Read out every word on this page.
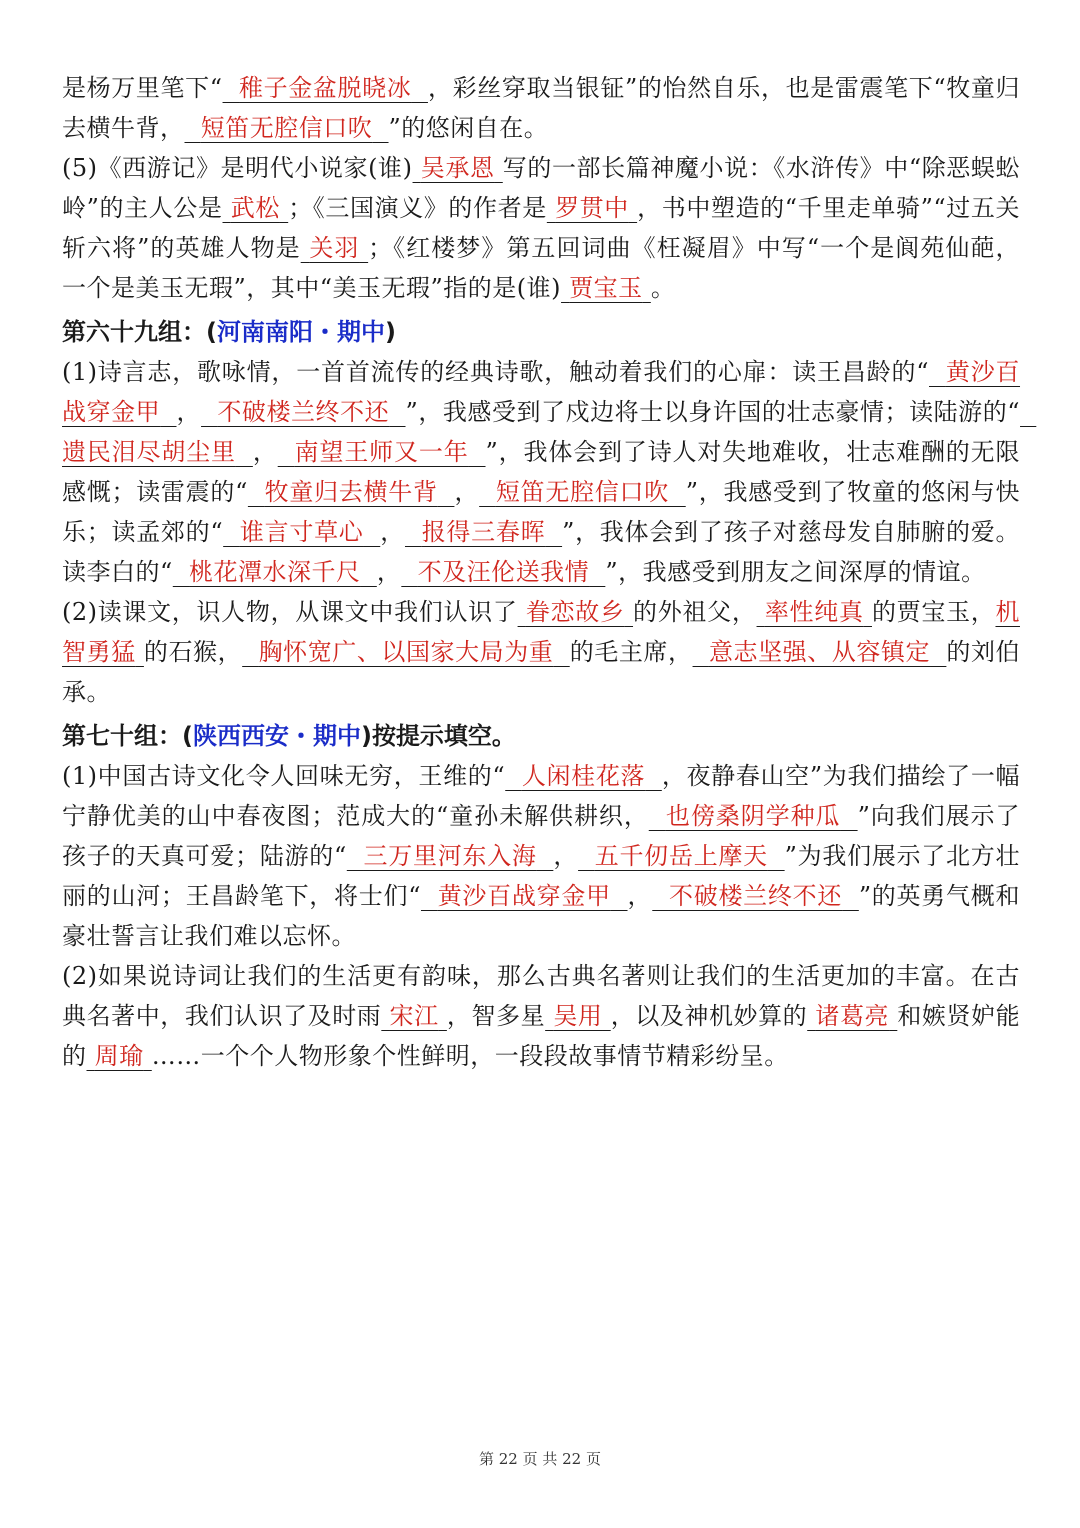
是杨万里笔下“ 稚子金盆脱晓冰 ，彩丝穿取当银钲”的怡然自乐，也是雷震笔下“牧童归去横牛背， 短笛无腔信口吹 ”的悠闲自在。

(5)《西游记》是明代小说家(谁) 吴承恩 写的一部长篇神魔小说：《水浒传》中“除恶蜈蚣岭”的主人公是 武松 ；《三国演义》的作者是 罗贯中 ，书中塑造的“千里走单骑”“过五关斩六将”的英雄人物是 关羽 ；《红楼梦》第五回词曲《枉凝眉》中写“一个是阆苑仙葩，一个是美玉无瑕”，其中“美玉无瑕”指的是(谁) 贾宝玉 。

第六十九组：(河南南阳・期中)

(1)诗言志，歌咏情，一首首流传的经典诗歌，触动着我们的心扉：读王昌龄的“ 黄沙百战穿金甲 ， 不破楼兰终不还 ”，我感受到了戍边将士以身许国的壮志豪情；读陆游的“  遗民泪尽胡尘里 ， 南望王师又一年 ”，我体会到了诗人对失地难收，壮志难酬的无限感慨；读雷震的“ 牧童归去横牛背 ， 短笛无腔信口吹 ”，我感受到了牧童的悠闲与快乐；读孟郊的“ 谁言寸草心 ， 报得三春晖 ”，我体会到了孩子对慈母发自肺腑的爱。读李白的“ 桃花潭水深千尺 ， 不及汪伦送我情 ”，我感受到朋友之间深厚的情谊。

(2)读课文，识人物，从课文中我们认识了 眷恋故乡 的外祖父， 率性纯真 的贾宝玉，机智勇猛 的石猴， 胸怀宽广、以国家大局为重 的毛主席， 意志坚强、从容镇定 的刘伯承。

第七十组：(陕西西安・期中)按提示填空。

(1)中国古诗文化令人回味无穷，王维的“ 人闲桂花落 ，夜静春山空”为我们描绘了一幅宁静优美的山中春夜图；范成大的“童孙未解供耕织， 也傍桑阴学种瓜 ”向我们展示了孩子的天真可爱；陆游的“ 三万里河东入海 ， 五千仞岳上摩天 ”为我们展示了北方壮丽的山河；王昌龄笔下，将士们“ 黄沙百战穿金甲 ， 不破楼兰终不还 ”的英勇气概和豪壮誓言让我们难以忘怀。

(2)如果说诗词让我们的生活更有韵味，那么古典名著则让我们的生活更加的丰富。在古典名著中，我们认识了及时雨 宋江 ，智多星 吴用 ，以及神机妙算的 诸葛亮 和嫉贤妒能的 周瑜 ……一个个人物形象个性鲜明，一段段故事情节精彩纷呈。

第 22 页 共 22 页
